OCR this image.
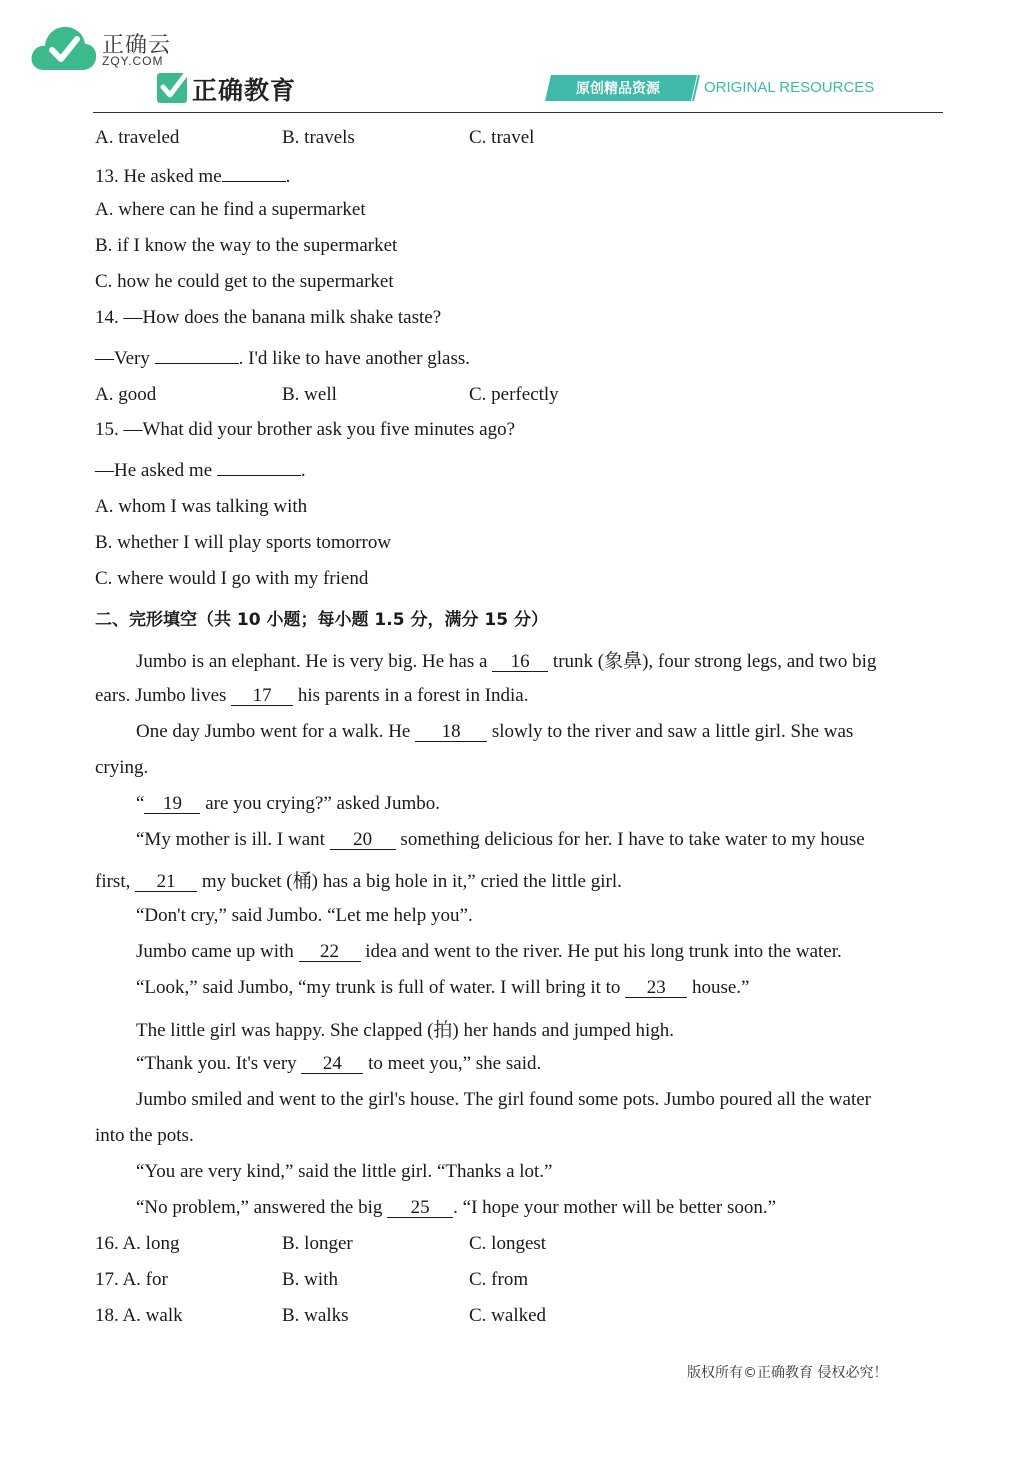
正确云
ZQY.COM
正确教育	原创精品资源	ORIGINAL RESOURCES
A. traveled	B. travels	C. travel
13. He asked me	.
A. where can he find a supermarket
B. if I know the way to the supermarket
C. how he could get to the supermarket
14. —How does the banana milk shake taste?
—Very	. I'd like to have another glass.
A. good	B. well	C. perfectly
15. —What did your brother ask you five minutes ago?
—He asked me	.
A. whom I was talking with
B. whether I will play sports tomorrow
C. where would I go with my friend
二、完形填空（共 10 小题；每小题 1.5 分，满分 15 分）
Jumbo is an elephant. He is very big. He has a 16 trunk (象鼻), four strong legs, and two big
ears. Jumbo lives 17 his parents in a forest in India.
One day Jumbo went for a walk. He 18 slowly to the river and saw a little girl. She was
crying.
“ 19 are you crying?” asked Jumbo.
“My mother is ill. I want 20 something delicious for her. I have to take water to my house
first, 21 my bucket (桶) has a big hole in it,” cried the little girl.
“Don't cry,” said Jumbo. “Let me help you”.
Jumbo came up with 22 idea and went to the river. He put his long trunk into the water.
“Look,” said Jumbo, “my trunk is full of water. I will bring it to 23 house.”
The little girl was happy. She clapped (拍) her hands and jumped high.
“Thank you. It's very 24 to meet you,” she said.
Jumbo smiled and went to the girl's house. The girl found some pots. Jumbo poured all the water
into the pots.
“You are very kind,” said the little girl. “Thanks a lot.”
“No problem,” answered the big 25 . “I hope your mother will be better soon.”
16. A. long	B. longer	C. longest
17. A. for	B. with	C. from
18. A. walk	B. walks	C. walked
版权所有©正确教育 侵权必究！
